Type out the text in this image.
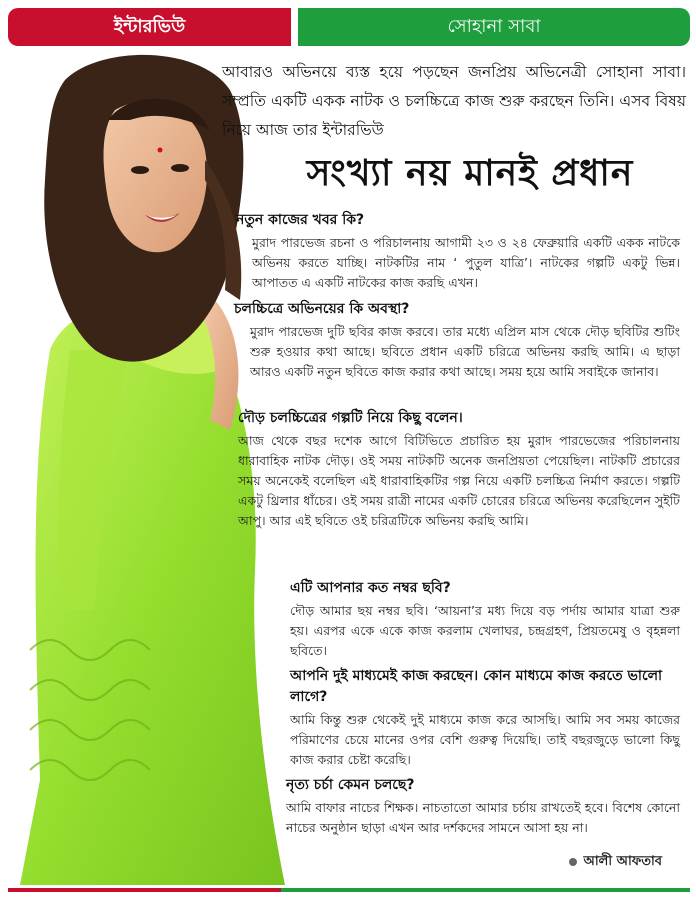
ইন্টারভিউ	সোহানা সাবা
আবারও অভিনয়ে ব্যস্ত হয়ে পড়ছেন জনপ্রিয় অভিনেত্রী সোহানা সাবা। সম্প্রতি একটি একক নাটক ও চলচ্চিত্রে কাজ শুরু করছেন তিনি। এসব বিষয় নিয়ে আজ তার ইন্টারভিউ
সংখ্যা নয় মানই প্রধান

নতুন কাজের খবর কি?

মুরাদ পারভেজ রচনা ও পরিচালনায় আগামী ২৩ ও ২৪ ফেব্রুয়ারি একটি একক নাটকে অভিনয় করতে যাচ্ছি। নাটকটির নাম ‘ পুতুল যাত্রি’। নাটকের গল্পটি একটু ভিন্ন। আপাতত এ একটি নাটকের কাজ করছি এখন।

চলচ্চিত্রে অভিনয়ের কি অবস্থা?

মুরাদ পারভেজ দুটি ছবির কাজ করবে। তার মধ্যে এপ্রিল মাস থেকে দৌড় ছবিটির শুটিং শুরু হওয়ার কথা আছে। ছবিতে প্রধান একটি চরিত্রে অভিনয় করছি আমি। এ ছাড়া আরও একটি নতুন ছবিতে কাজ করার কথা আছে। সময় হয়ে আমি সবাইকে জানাব।

দৌড় চলচ্চিত্রের গল্পটি নিয়ে কিছু বলেন।

আজ থেকে বছর দশেক আগে বিটিভিতে প্রচারিত হয় মুরাদ পারভেজের পরিচালনায় ধারাবাহিক নাটক দৌড়। ওই সময় নাটকটি অনেক জনপ্রিয়তা পেয়েছিল। নাটকটি প্রচারের সময় অনেকেই বলেছিল এই ধারাবাহিকটির গল্প নিয়ে একটি চলচ্চিত্র নির্মাণ করতে। গল্পটি একটু থ্রিলার ধাঁচের। ওই সময় রাত্রী নামের একটি চোরের চরিত্রে অভিনয় করেছিলেন সুইটি আপু। আর এই ছবিতে ওই চরিত্রটিকে অভিনয় করছি আমি।

এটি আপনার কত নম্বর ছবি?

দৌড় আমার ছয় নম্বর ছবি। ‘আয়না’র মধ্য দিয়ে বড় পর্দায় আমার যাত্রা শুরু হয়। এরপর একে একে কাজ করলাম খেলাঘর, চন্দ্রগ্রহণ, প্রিয়তমেষু ও বৃহন্নলা ছবিতে।

আপনি দুই মাধ্যমেই কাজ করছেন। কোন মাধ্যমে কাজ করতে ভালো লাগে?

আমি কিন্তু শুরু থেকেই দুই মাধ্যমে কাজ করে আসছি। আমি সব সময় কাজের পরিমাণের চেয়ে মানের ওপর বেশি গুরুত্ব দিয়েছি। তাই বছরজুড়ে ভালো কিছু কাজ করার চেষ্টা করেছি।

নৃত্য চর্চা কেমন চলছে?

আমি বাফার নাচের শিক্ষক। নাচতাতো আমার চর্চায় রাখতেই হবে। বিশেষ কোনো নাচের অনুষ্ঠান ছাড়া এখন আর দর্শকদের সামনে আসা হয় না।

আলী আফতাব
